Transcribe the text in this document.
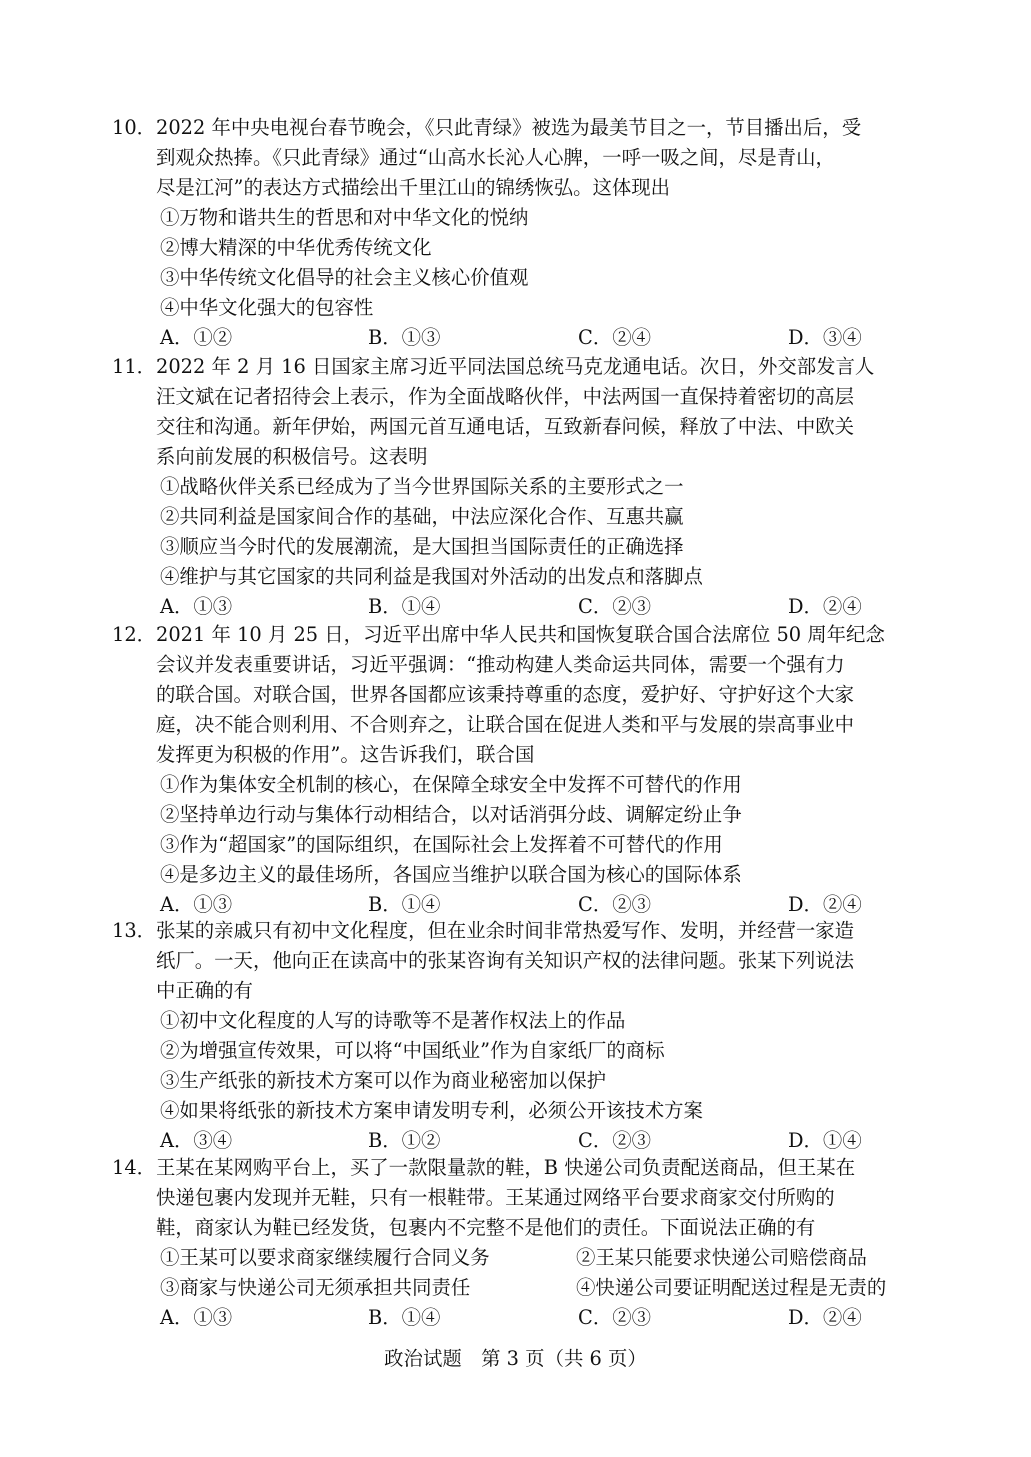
10． 2022 年中央电视台春节晚会，《只此青绿》被选为最美节目之一，节目播出后，受
到观众热捧。《只此青绿》通过“山高水长沁人心脾，一呼一吸之间，尽是青山，
尽是江河”的表达方式描绘出千里江山的锦绣恢弘。这体现出
①万物和谐共生的哲思和对中华文化的悦纳
②博大精深的中华优秀传统文化
③中华传统文化倡导的社会主义核心价值观
④中华文化强大的包容性
A．①②	B．①③	C．②④	D．③④
11． 2022 年 2 月 16 日国家主席习近平同法国总统马克龙通电话。次日，外交部发言人
汪文斌在记者招待会上表示，作为全面战略伙伴，中法两国一直保持着密切的高层
交往和沟通。新年伊始，两国元首互通电话，互致新春问候，释放了中法、中欧关
系向前发展的积极信号。这表明
①战略伙伴关系已经成为了当今世界国际关系的主要形式之一
②共同利益是国家间合作的基础，中法应深化合作、互惠共赢
③顺应当今时代的发展潮流，是大国担当国际责任的正确选择
④维护与其它国家的共同利益是我国对外活动的出发点和落脚点
A．①③	B．①④	C．②③	D．②④
12． 2021 年 10 月 25 日，习近平出席中华人民共和国恢复联合国合法席位 50 周年纪念
会议并发表重要讲话，习近平强调：“推动构建人类命运共同体，需要一个强有力
的联合国。对联合国，世界各国都应该秉持尊重的态度，爱护好、守护好这个大家
庭，决不能合则利用、不合则弃之，让联合国在促进人类和平与发展的崇高事业中
发挥更为积极的作用”。这告诉我们，联合国
①作为集体安全机制的核心，在保障全球安全中发挥不可替代的作用
②坚持单边行动与集体行动相结合，以对话消弭分歧、调解定纷止争
③作为“超国家”的国际组织，在国际社会上发挥着不可替代的作用
④是多边主义的最佳场所，各国应当维护以联合国为核心的国际体系
A．①③	B．①④	C．②③	D．②④
13． 张某的亲戚只有初中文化程度，但在业余时间非常热爱写作、发明，并经营一家造
纸厂。一天，他向正在读高中的张某咨询有关知识产权的法律问题。张某下列说法
中正确的有
①初中文化程度的人写的诗歌等不是著作权法上的作品
②为增强宣传效果，可以将“中国纸业”作为自家纸厂的商标
③生产纸张的新技术方案可以作为商业秘密加以保护
④如果将纸张的新技术方案申请发明专利，必须公开该技术方案
A．③④	B．①②	C．②③	D．①④
14． 王某在某网购平台上，买了一款限量款的鞋，B 快递公司负责配送商品，但王某在
快递包裹内发现并无鞋，只有一根鞋带。王某通过网络平台要求商家交付所购的
鞋，商家认为鞋已经发货，包裹内不完整不是他们的责任。下面说法正确的有
①王某可以要求商家继续履行合同义务	②王某只能要求快递公司赔偿商品
③商家与快递公司无须承担共同责任	④快递公司要证明配送过程是无责的
A．①③	B．①④	C．②③	D．②④
政治试题　第 3 页（共 6 页）
